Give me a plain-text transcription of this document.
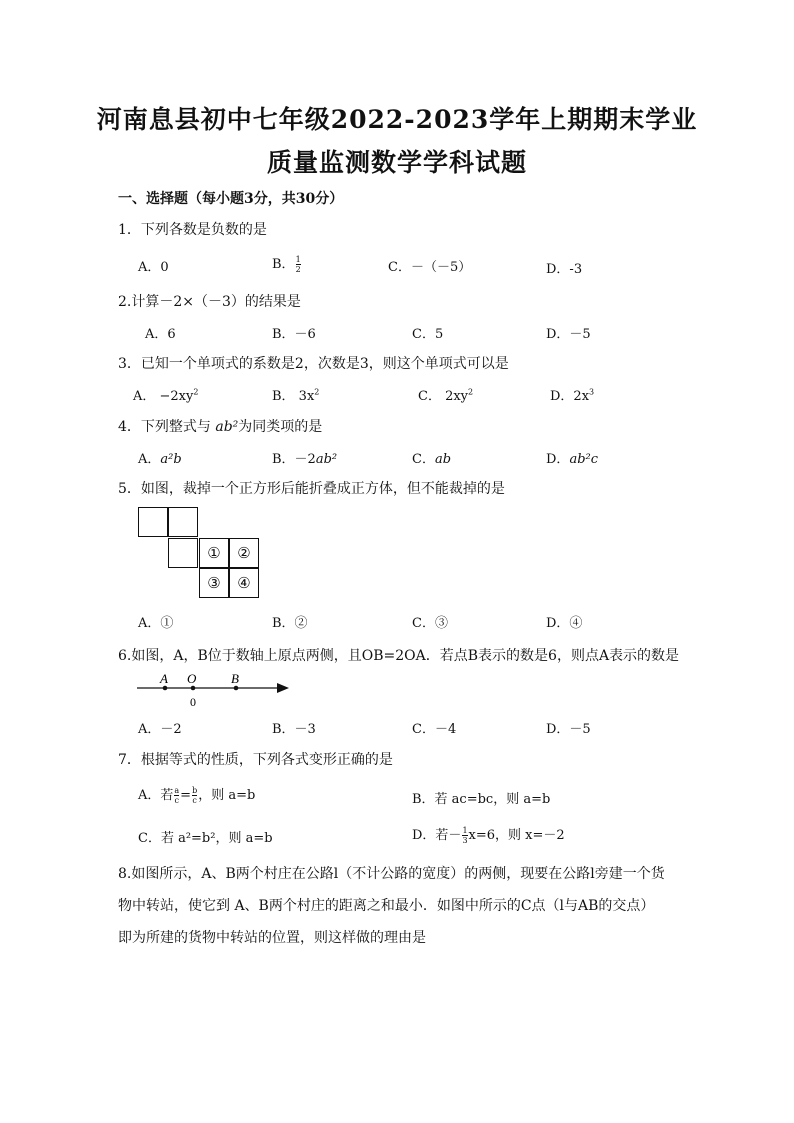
河南息县初中七年级2022-2023学年上期期末学业
质量监测数学学科试题
一、选择题（每小题3分，共30分）
1．下列各数是负数的是
A．0	B． $\frac{1}{2}$	C．－（－5）	D．-3
2.计算－2×（－3）的结果是
A．6	B．－6	C．5	D．－5
3．已知一个单项式的系数是2，次数是3，则这个单项式可以是
A． $-2xy^2$	B． $3x^2$	C． $2xy^2$	D．$2x^3$
4．下列整式与 ab²为同类项的是
A．a²b	B．－2ab²	C．ab	D．ab²c
5．如图，裁掉一个正方形后能折叠成正方体，但不能裁掉的是
①	②
③	④
A．①	B．②	C．③	D．④
6.如图，A，B位于数轴上原点两侧，且OB=2OA．若点B表示的数是6，则点A表示的数是
A O	B
0
A．－2	B．－3	C．－4	D．－5
7．根据等式的性质，下列各式变形正确的是
A．若 $\frac{a}{c} = \frac{b}{c}$ ，则 a=b	B．若 ac=bc，则 a=b
C．若 a²=b²，则 a=b	D．若－ $\frac{1}{3} x=6$，则 x=－2
8.如图所示，A、B两个村庄在公路l（不计公路的宽度）的两侧，现要在公路l旁建一个货
物中转站，使它到 A、B两个村庄的距离之和最小．如图中所示的C点（l与AB的交点）
即为所建的货物中转站的位置，则这样做的理由是
